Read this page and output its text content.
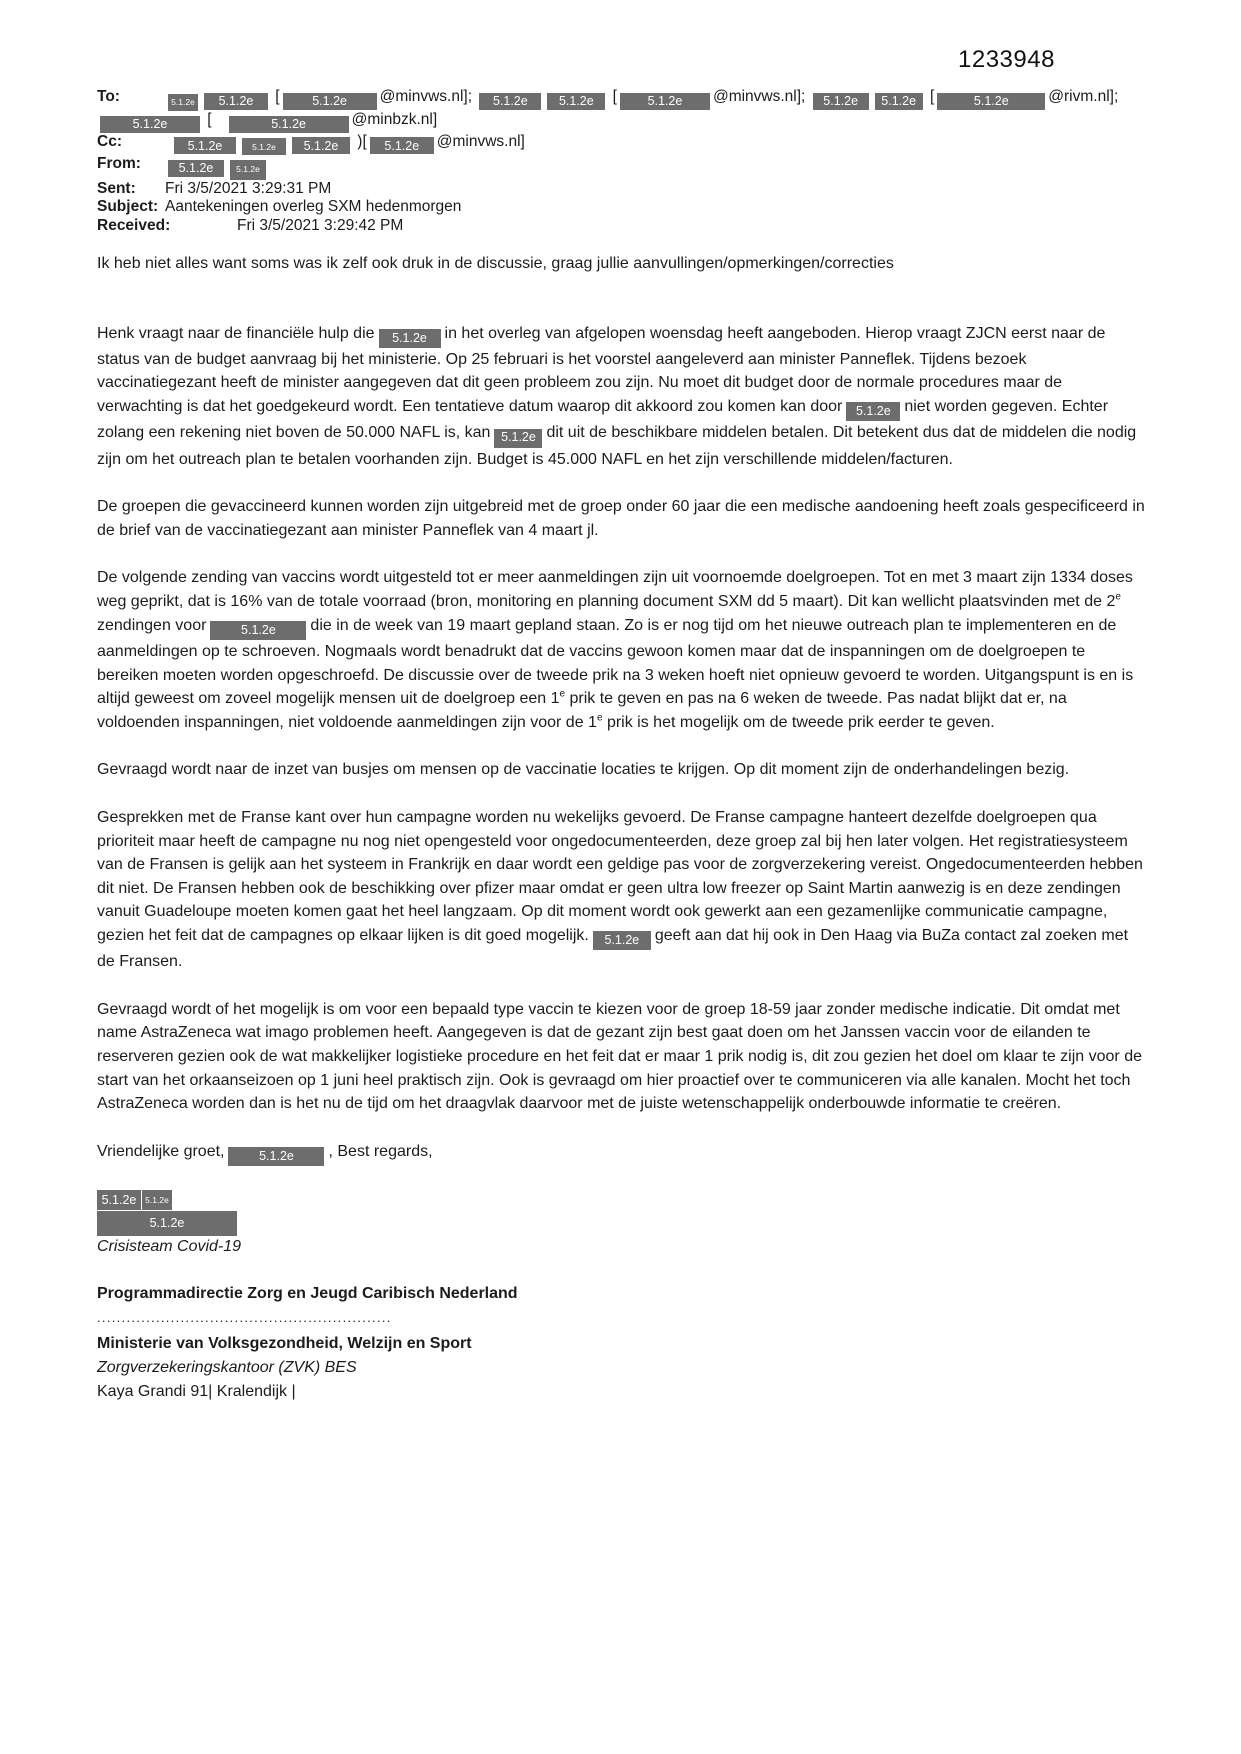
1233948
To:	5.1.2e 5.1.2e [	5.1.2e @minvws.nl]; 5.1.2e 5.1.2e [ 5.1.2e @minvws.nl]; 5.1.2e 5.1.2e [	5.1.2e	@rivm.nl];
5.1.2e [	5.1.2e	@minbzk.nl]
Cc:	5.1.2e	5.1.2e 5.1.2e )[ 5.1.2e @minvws.nl]
From:	5.1.2e	5.1.2e
Sent: Fri 3/5/2021 3:29:31 PM
Subject: Aantekeningen overleg SXM hedenmorgen
Received:	Fri 3/5/2021 3:29:42 PM
Ik heb niet alles want soms was ik zelf ook druk in de discussie, graag jullie aanvullingen/opmerkingen/correcties
Henk vraagt naar de financiële hulp die 5.1.2e in het overleg van afgelopen woensdag heeft aangeboden. Hierop vraagt ZJCN eerst naar de status van de budget aanvraag bij het ministerie. Op 25 februari is het voorstel aangeleverd aan minister Panneflek. Tijdens bezoek vaccinatiegezant heeft de minister aangegeven dat dit geen probleem zou zijn. Nu moet dit budget door de normale procedures maar de verwachting is dat het goedgekeurd wordt. Een tentatieve datum waarop dit akkoord zou komen kan door 5.1.2e niet worden gegeven. Echter zolang een rekening niet boven de 50.000 NAFL is, kan 5.1.2e dit uit de beschikbare middelen betalen. Dit betekent dus dat de middelen die nodig zijn om het outreach plan te betalen voorhanden zijn. Budget is 45.000 NAFL en het zijn verschillende middelen/facturen.
De groepen die gevaccineerd kunnen worden zijn uitgebreid met de groep onder 60 jaar die een medische aandoening heeft zoals gespecificeerd in de brief van de vaccinatiegezant aan minister Panneflek van 4 maart jl.
De volgende zending van vaccins wordt uitgesteld tot er meer aanmeldingen zijn uit voornoemde doelgroepen. Tot en met 3 maart zijn 1334 doses weg geprikt, dat is 16% van de totale voorraad (bron, monitoring en planning document SXM dd 5 maart). Dit kan wellicht plaatsvinden met de 2e zendingen voor	5.1.2e die in de week van 19 maart gepland staan. Zo is er nog tijd om het nieuwe outreach plan te implementeren en de aanmeldingen op te schroeven. Nogmaals wordt benadrukt dat de vaccins gewoon komen maar dat de inspanningen om de doelgroepen te bereiken moeten worden opgeschroefd. De discussie over de tweede prik na 3 weken hoeft niet opnieuw gevoerd te worden. Uitgangspunt is en is altijd geweest om zoveel mogelijk mensen uit de doelgroep een 1e prik te geven en pas na 6 weken de tweede. Pas nadat blijkt dat er, na voldoenden inspanningen, niet voldoende aanmeldingen zijn voor de 1e prik is het mogelijk om de tweede prik eerder te geven.
Gevraagd wordt naar de inzet van busjes om mensen op de vaccinatie locaties te krijgen. Op dit moment zijn de onderhandelingen bezig.
Gesprekken met de Franse kant over hun campagne worden nu wekelijks gevoerd. De Franse campagne hanteert dezelfde doelgroepen qua prioriteit maar heeft de campagne nu nog niet opengesteld voor ongedocumenteerden, deze groep zal bij hen later volgen. Het registratiesysteem van de Fransen is gelijk aan het systeem in Frankrijk en daar wordt een geldige pas voor de zorgverzekering vereist. Ongedocumenteerden hebben dit niet. De Fransen hebben ook de beschikking over pfizer maar omdat er geen ultra low freezer op Saint Martin aanwezig is en deze zendingen vanuit Guadeloupe moeten komen gaat het heel langzaam. Op dit moment wordt ook gewerkt aan een gezamenlijke communicatie campagne, gezien het feit dat de campagnes op elkaar lijken is dit goed mogelijk. 5.1.2e geeft aan dat hij ook in Den Haag via BuZa contact zal zoeken met de Fransen.
Gevraagd wordt of het mogelijk is om voor een bepaald type vaccin te kiezen voor de groep 18-59 jaar zonder medische indicatie. Dit omdat met name AstraZeneca wat imago problemen heeft. Aangegeven is dat de gezant zijn best gaat doen om het Janssen vaccin voor de eilanden te reserveren gezien ook de wat makkelijker logistieke procedure en het feit dat er maar 1 prik nodig is, dit zou gezien het doel om klaar te zijn voor de start van het orkaanseizoen op 1 juni heel praktisch zijn. Ook is gevraagd om hier proactief over te communiceren via alle kanalen. Mocht het toch AstraZeneca worden dan is het nu de tijd om het draagvlak daarvoor met de juiste wetenschappelijk onderbouwde informatie te creëren.
Vriendelijke groet,	5.1.2e , Best regards,
5.1.2e 5.1.2e
5.1.2e
Crisisteam Covid-19
Programmadirectie Zorg en Jeugd Caribisch Nederland
............................................................
Ministerie van Volksgezondheid, Welzijn en Sport
Zorgverzekeringskantoor (ZVK) BES
Kaya Grandi 91| Kralendijk |
